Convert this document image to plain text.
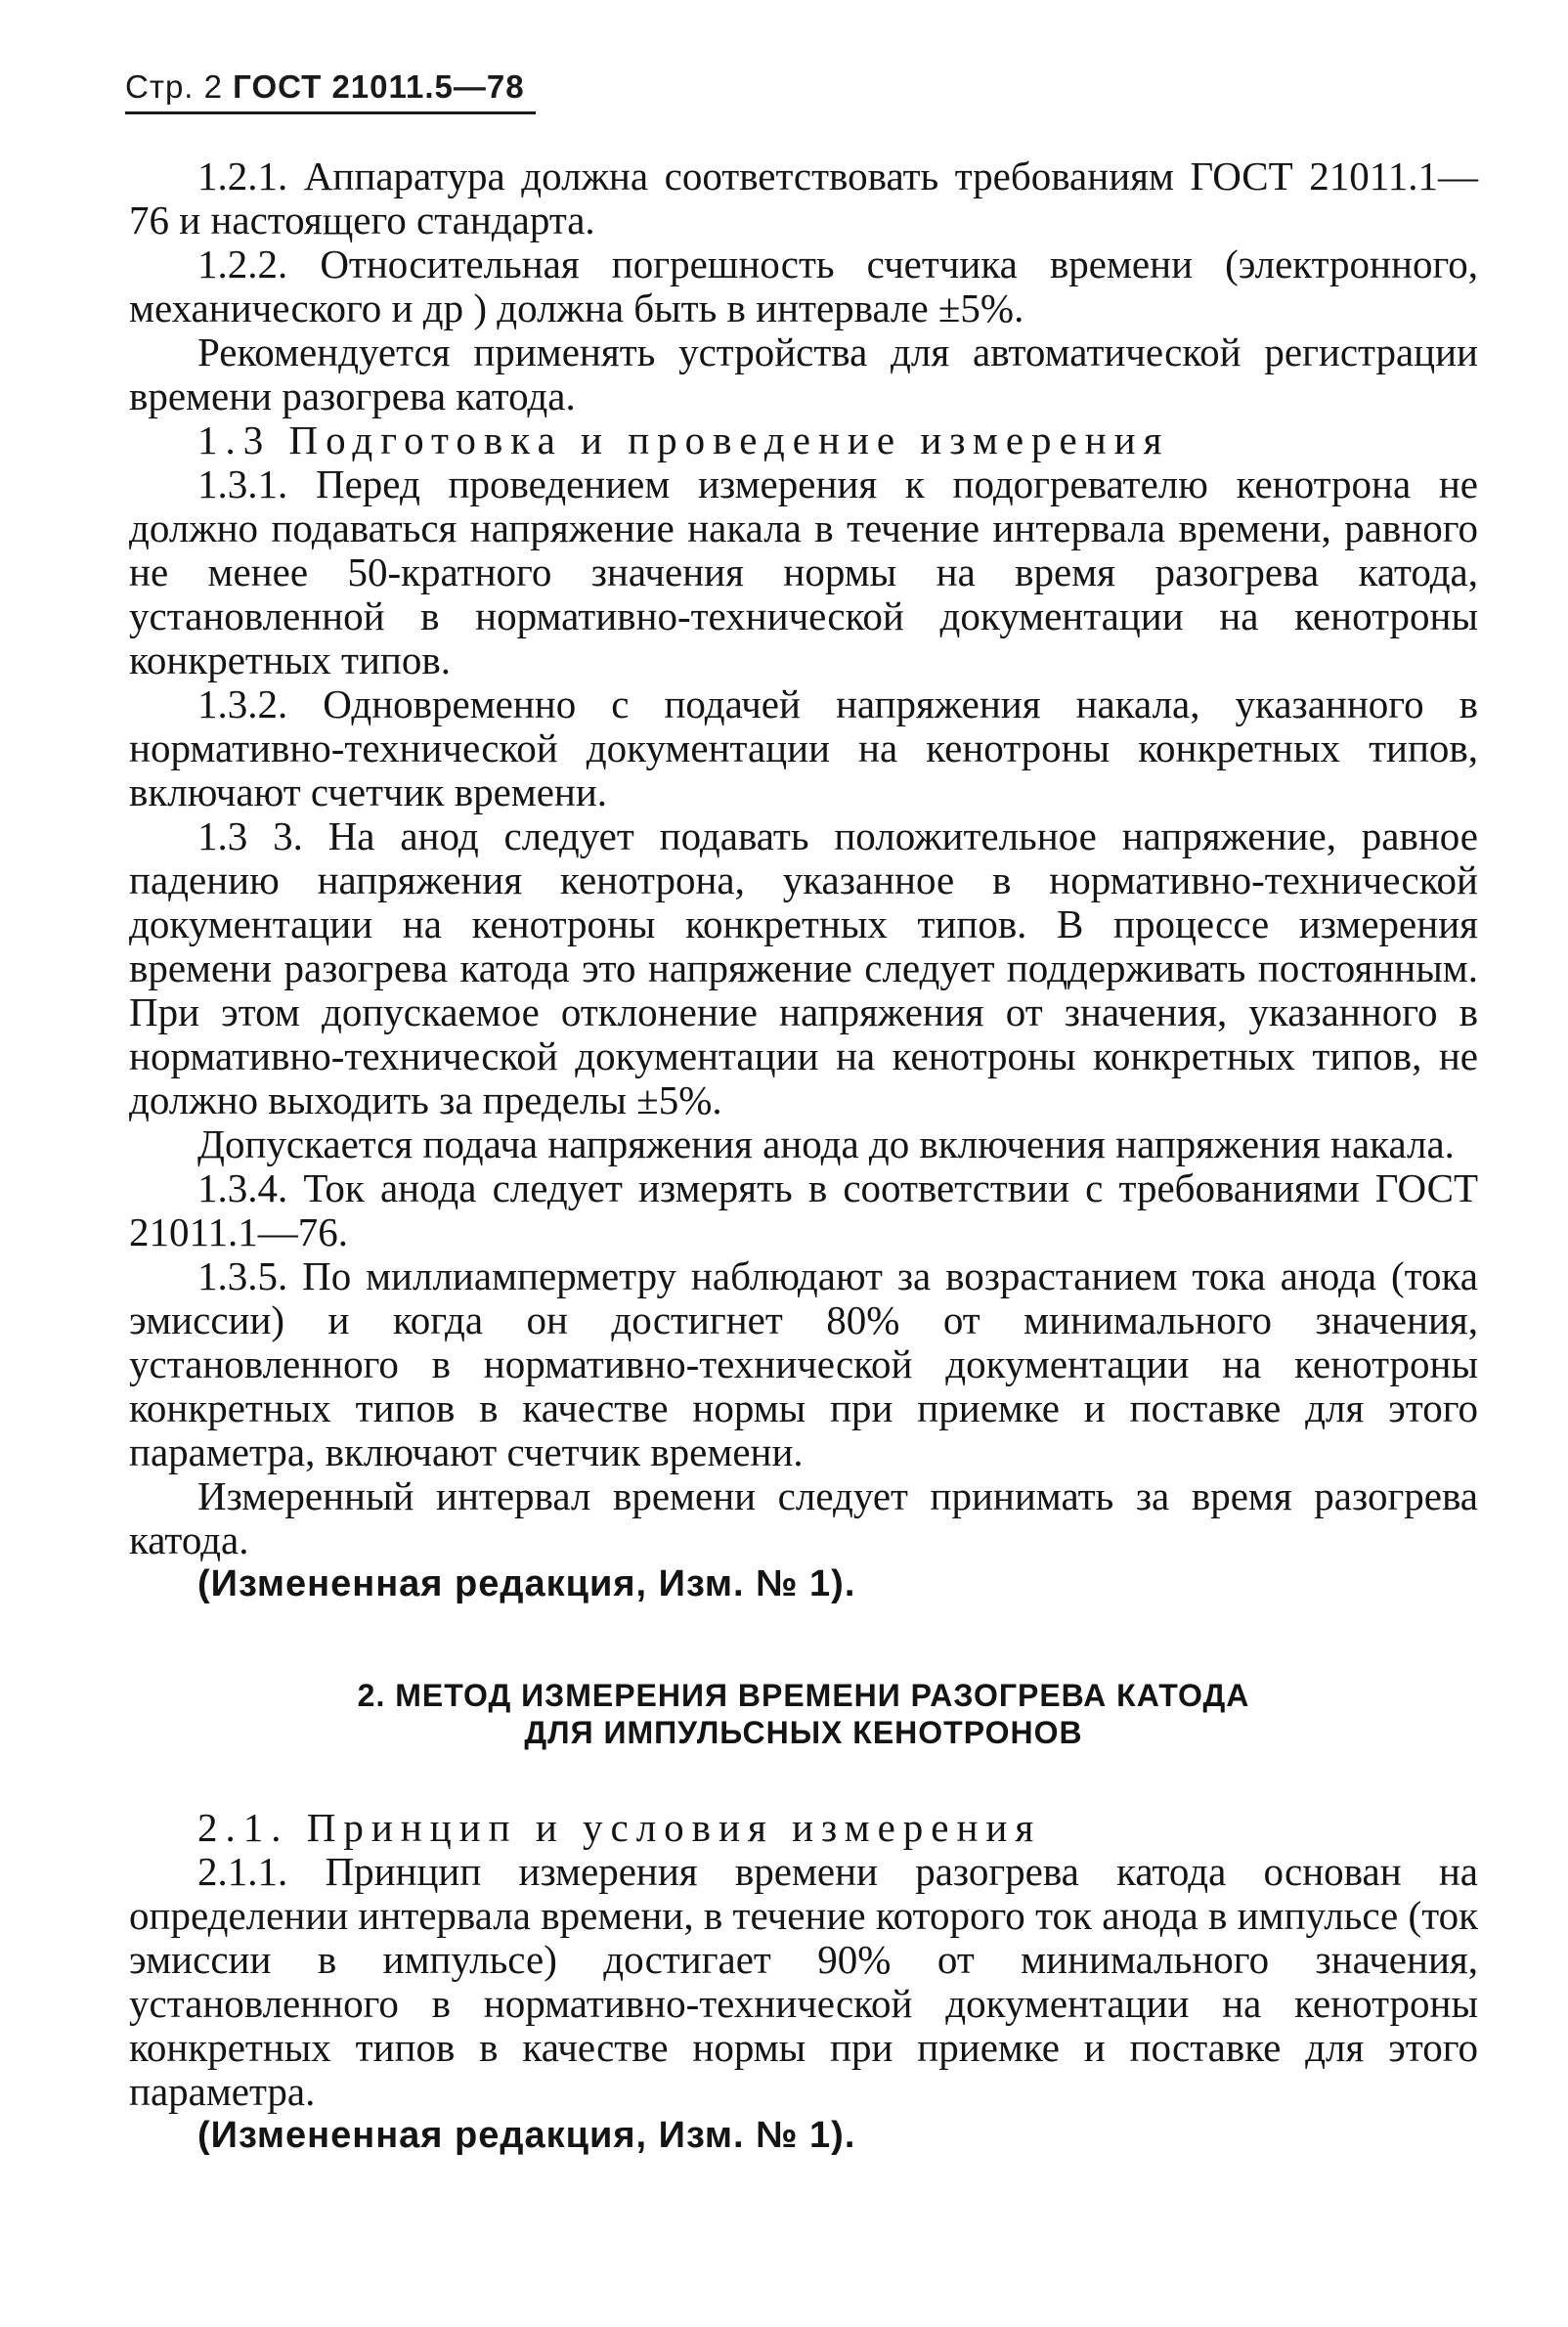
Стр. 2 ГОСТ 21011.5—78

1.2.1. Аппаратура должна соответствовать требованиям ГОСТ 21011.1—76 и настоящего стандарта.

1.2.2. Относительная погрешность счетчика времени (электронного, механического и др ) должна быть в интервале ±5%.

Рекомендуется применять устройства для автоматической регистрации времени разогрева катода.

1.3 Подготовка и проведение измерения

1.3.1. Перед проведением измерения к подогревателю кенотрона не должно подаваться напряжение накала в течение интервала времени, равного не менее 50-кратного значения нормы на время разогрева катода, установленной в нормативно-технической документации на кенотроны конкретных типов.

1.3.2. Одновременно с подачей напряжения накала, указанного в нормативно-технической документации на кенотроны конкретных типов, включают счетчик времени.

1.3 3. На анод следует подавать положительное напряжение, равное падению напряжения кенотрона, указанное в нормативно-технической документации на кенотроны конкретных типов. В процессе измерения времени разогрева катода это напряжение следует поддерживать постоянным. При этом допускаемое отклонение напряжения от значения, указанного в нормативно-технической документации на кенотроны конкретных типов, не должно выходить за пределы ±5%.

Допускается подача напряжения анода до включения напряжения накала.

1.3.4. Ток анода следует измерять в соответствии с требованиями ГОСТ 21011.1—76.

1.3.5. По миллиамперметру наблюдают за возрастанием тока анода (тока эмиссии) и когда он достигнет 80% от минимального значения, установленного в нормативно-технической документации на кенотроны конкретных типов в качестве нормы при приемке и поставке для этого параметра, включают счетчик времени.

Измеренный интервал времени следует принимать за время разогрева катода.

(Измененная редакция, Изм. № 1).

2. МЕТОД ИЗМЕРЕНИЯ ВРЕМЕНИ РАЗОГРЕВА КАТОДА
ДЛЯ ИМПУЛЬСНЫХ КЕНОТРОНОВ

2.1. Принцип и условия измерения

2.1.1. Принцип измерения времени разогрева катода основан на определении интервала времени, в течение которого ток анода в импульсе (ток эмиссии в импульсе) достигает 90% от минимального значения, установленного в нормативно-технической документации на кенотроны конкретных типов в качестве нормы при приемке и поставке для этого параметра.

(Измененная редакция, Изм. № 1).
